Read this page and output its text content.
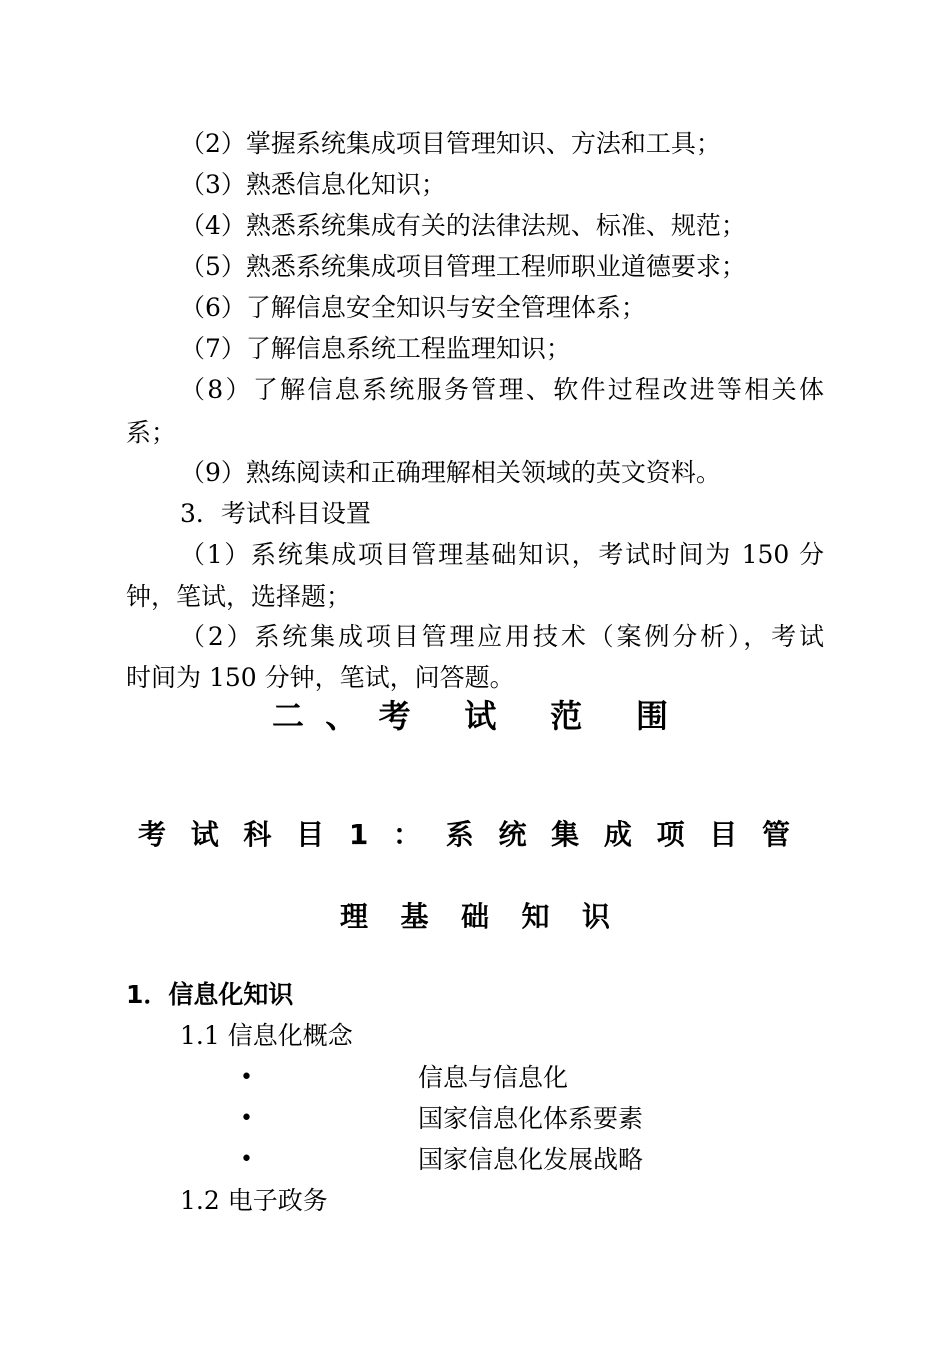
（2）掌握系统集成项目管理知识、方法和工具；
（3）熟悉信息化知识；
（4）熟悉系统集成有关的法律法规、标准、规范；
（5）熟悉系统集成项目管理工程师职业道德要求；
（6）了解信息安全知识与安全管理体系；
（7）了解信息系统工程监理知识；
（8）了解信息系统服务管理、软件过程改进等相关体
系；
（9）熟练阅读和正确理解相关领域的英文资料。
3．考试科目设置
（1）系统集成项目管理基础知识，考试时间为 150 分
钟，笔试，选择题；
（2）系统集成项目管理应用技术（案例分析），考试
时间为 150 分钟，笔试，问答题。
二、考 试 范 围
考试科目1：系统集成项目管
理基础知识
1．信息化知识
1.1 信息化概念
•	信息与信息化
•	国家信息化体系要素
•	国家信息化发展战略
1.2 电子政务
